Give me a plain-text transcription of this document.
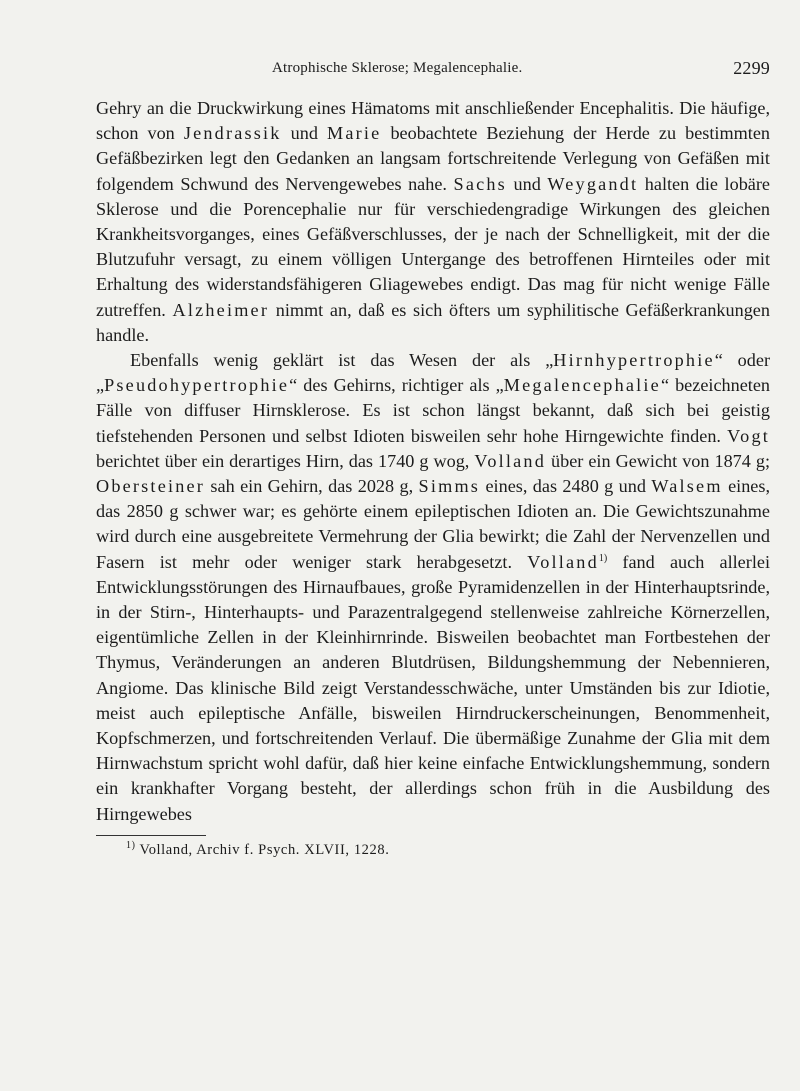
Atrophische Sklerose; Megalencephalie.	2299

Gehry an die Druckwirkung eines Hämatoms mit anschließender Encephalitis. Die häufige, schon von Jendrassik und Marie beobachtete Beziehung der Herde zu bestimmten Gefäßbezirken legt den Gedanken an langsam fortschreitende Verlegung von Gefäßen mit folgendem Schwund des Nervengewebes nahe. Sachs und Weygandt halten die lobäre Sklerose und die Porencephalie nur für verschiedengradige Wirkungen des gleichen Krankheitsvorganges, eines Gefäßverschlusses, der je nach der Schnelligkeit, mit der die Blutzufuhr versagt, zu einem völligen Untergange des betroffenen Hirnteiles oder mit Erhaltung des widerstandsfähigeren Gliagewebes endigt. Das mag für nicht wenige Fälle zutreffen. Alzheimer nimmt an, daß es sich öfters um syphilitische Gefäßerkrankungen handle.

Ebenfalls wenig geklärt ist das Wesen der als „Hirnhypertrophie“ oder „Pseudohypertrophie“ des Gehirns, richtiger als „Megalencephalie“ bezeichneten Fälle von diffuser Hirnsklerose. Es ist schon längst bekannt, daß sich bei geistig tiefstehenden Personen und selbst Idioten bisweilen sehr hohe Hirngewichte finden. Vogt berichtet über ein derartiges Hirn, das 1740 g wog, Volland über ein Gewicht von 1874 g; Obersteiner sah ein Gehirn, das 2028 g, Simms eines, das 2480 g und Walsem eines, das 2850 g schwer war; es gehörte einem epileptischen Idioten an. Die Gewichtszunahme wird durch eine ausgebreitete Vermehrung der Glia bewirkt; die Zahl der Nervenzellen und Fasern ist mehr oder weniger stark herabgesetzt. Volland$^{1)}$ fand auch allerlei Entwicklungsstörungen des Hirnaufbaues, große Pyramidenzellen in der Hinterhauptsrinde, in der Stirn-, Hinterhaupts- und Parazentralgegend stellenweise zahlreiche Körnerzellen, eigentümliche Zellen in der Kleinhirnrinde. Bisweilen beobachtet man Fortbestehen der Thymus, Veränderungen an anderen Blutdrüsen, Bildungshemmung der Nebennieren, Angiome. Das klinische Bild zeigt Verstandesschwäche, unter Umständen bis zur Idiotie, meist auch epileptische Anfälle, bisweilen Hirndruckerscheinungen, Benommenheit, Kopfschmerzen, und fortschreitenden Verlauf. Die übermäßige Zunahme der Glia mit dem Hirnwachstum spricht wohl dafür, daß hier keine einfache Entwicklungshemmung, sondern ein krankhafter Vorgang besteht, der allerdings schon früh in die Ausbildung des Hirngewebes

$^{1)}$ Volland, Archiv f. Psych. XLVII, 1228.
